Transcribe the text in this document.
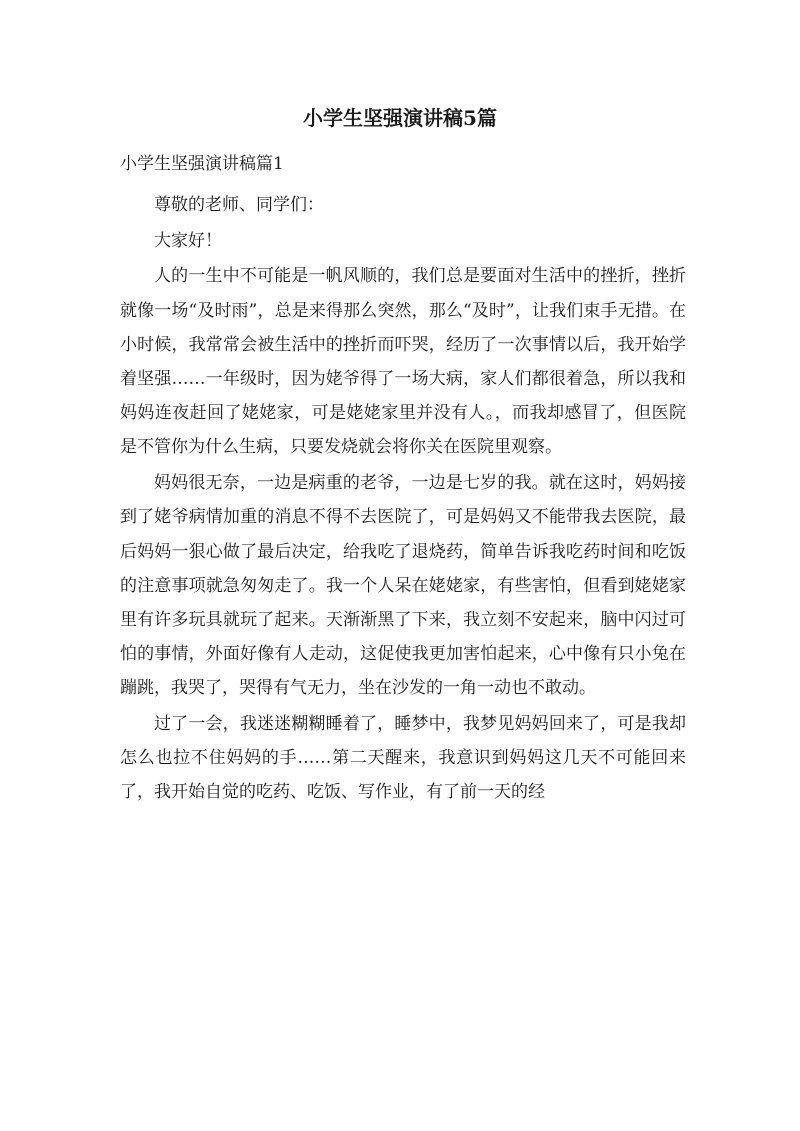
小学生坚强演讲稿5篇
小学生坚强演讲稿篇1

尊敬的老师、同学们：

大家好！

人的一生中不可能是一帆风顺的，我们总是要面对生活中的挫折，挫折就像一场“及时雨”，总是来得那么突然，那么“及时”，让我们束手无措。在小时候，我常常会被生活中的挫折而吓哭，经历了一次事情以后，我开始学着坚强……一年级时，因为姥爷得了一场大病，家人们都很着急，所以我和妈妈连夜赶回了姥姥家，可是姥姥家里并没有人。，而我却感冒了，但医院是不管你为什么生病，只要发烧就会将你关在医院里观察。

妈妈很无奈，一边是病重的老爷，一边是七岁的我。就在这时，妈妈接到了姥爷病情加重的消息不得不去医院了，可是妈妈又不能带我去医院，最后妈妈一狠心做了最后决定，给我吃了退烧药，简单告诉我吃药时间和吃饭的注意事项就急匆匆走了。我一个人呆在姥姥家，有些害怕，但看到姥姥家里有许多玩具就玩了起来。天渐渐黑了下来，我立刻不安起来，脑中闪过可怕的事情，外面好像有人走动，这促使我更加害怕起来，心中像有只小兔在蹦跳，我哭了，哭得有气无力，坐在沙发的一角一动也不敢动。

过了一会，我迷迷糊糊睡着了，睡梦中，我梦见妈妈回来了，可是我却怎么也拉不住妈妈的手……第二天醒来，我意识到妈妈这几天不可能回来了，我开始自觉的吃药、吃饭、写作业，有了前一天的经
